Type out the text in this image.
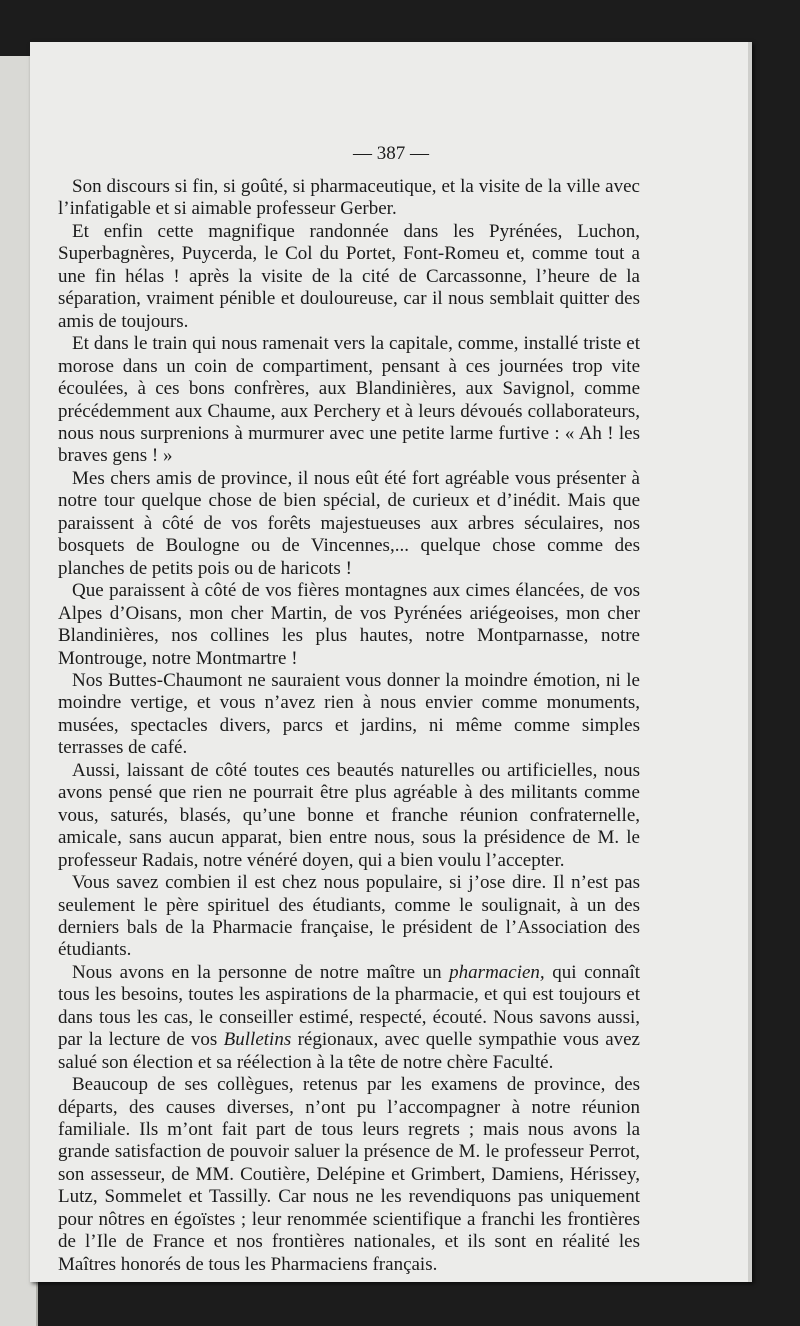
— 387 —

Son discours si fin, si goûté, si pharmaceutique, et la visite de la ville avec l’infatigable et si aimable professeur Gerber.

Et enfin cette magnifique randonnée dans les Pyrénées, Luchon, Superbagnères, Puycerda, le Col du Portet, Font-Romeu et, comme tout a une fin hélas ! après la visite de la cité de Carcassonne, l’heure de la séparation, vraiment pénible et douloureuse, car il nous semblait quitter des amis de toujours.

Et dans le train qui nous ramenait vers la capitale, comme, installé triste et morose dans un coin de compartiment, pensant à ces journées trop vite écoulées, à ces bons confrères, aux Blandinières, aux Savignol, comme précédemment aux Chaume, aux Perchery et à leurs dévoués collaborateurs, nous nous surprenions à murmurer avec une petite larme furtive : « Ah ! les braves gens ! »

Mes chers amis de province, il nous eût été fort agréable vous présenter à notre tour quelque chose de bien spécial, de curieux et d’inédit. Mais que paraissent à côté de vos forêts majestueuses aux arbres séculaires, nos bosquets de Boulogne ou de Vincennes,... quelque chose comme des planches de petits pois ou de haricots !

Que paraissent à côté de vos fières montagnes aux cimes élancées, de vos Alpes d’Oisans, mon cher Martin, de vos Pyrénées ariégeoises, mon cher Blandinières, nos collines les plus hautes, notre Montparnasse, notre Montrouge, notre Montmartre !

Nos Buttes-Chaumont ne sauraient vous donner la moindre émotion, ni le moindre vertige, et vous n’avez rien à nous envier comme monuments, musées, spectacles divers, parcs et jardins, ni même comme simples terrasses de café.

Aussi, laissant de côté toutes ces beautés naturelles ou artificielles, nous avons pensé que rien ne pourrait être plus agréable à des militants comme vous, saturés, blasés, qu’une bonne et franche réunion confraternelle, amicale, sans aucun apparat, bien entre nous, sous la présidence de M. le professeur Radais, notre vénéré doyen, qui a bien voulu l’accepter.

Vous savez combien il est chez nous populaire, si j’ose dire. Il n’est pas seulement le père spirituel des étudiants, comme le soulignait, à un des derniers bals de la Pharmacie française, le président de l’Association des étudiants.

Nous avons en la personne de notre maître un pharmacien, qui connaît tous les besoins, toutes les aspirations de la pharmacie, et qui est toujours et dans tous les cas, le conseiller estimé, respecté, écouté. Nous savons aussi, par la lecture de vos Bulletins régionaux, avec quelle sympathie vous avez salué son élection et sa réélection à la tête de notre chère Faculté.

Beaucoup de ses collègues, retenus par les examens de province, des départs, des causes diverses, n’ont pu l’accompagner à notre réunion familiale. Ils m’ont fait part de tous leurs regrets ; mais nous avons la grande satisfaction de pouvoir saluer la présence de M. le professeur Perrot, son assesseur, de MM. Coutière, Delépine et Grimbert, Damiens, Hérissey, Lutz, Sommelet et Tassilly. Car nous ne les revendiquons pas uniquement pour nôtres en égoïstes ; leur renommée scientifique a franchi les frontières de l’Ile de France et nos frontières nationales, et ils sont en réalité les Maîtres honorés de tous les Pharmaciens français.
